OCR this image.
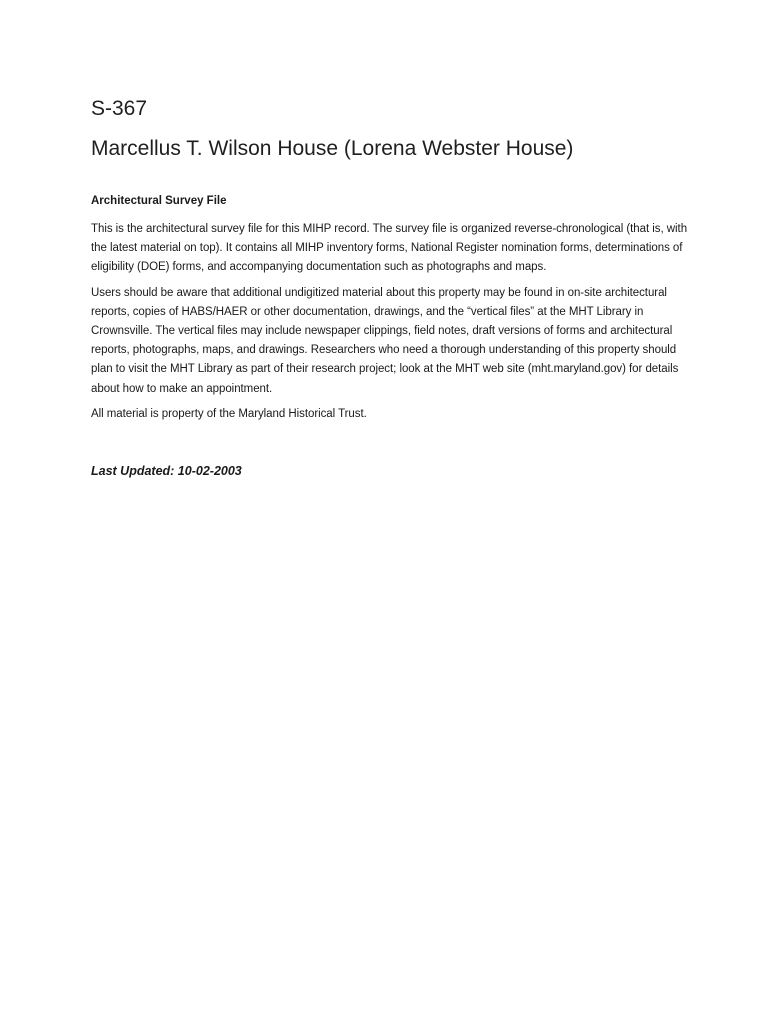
S-367
Marcellus T. Wilson House (Lorena Webster House)
Architectural Survey File

This is the architectural survey file for this MIHP record. The survey file is organized reverse-chronological (that is, with the latest material on top). It contains all MIHP inventory forms, National Register nomination forms, determinations of eligibility (DOE) forms, and accompanying documentation such as photographs and maps.

Users should be aware that additional undigitized material about this property may be found in on-site architectural reports, copies of HABS/HAER or other documentation, drawings, and the “vertical files” at the MHT Library in Crownsville. The vertical files may include newspaper clippings, field notes, draft versions of forms and architectural reports, photographs, maps, and drawings. Researchers who need a thorough understanding of this property should plan to visit the MHT Library as part of their research project; look at the MHT web site (mht.maryland.gov) for details about how to make an appointment.

All material is property of the Maryland Historical Trust.

Last Updated: 10-02-2003
